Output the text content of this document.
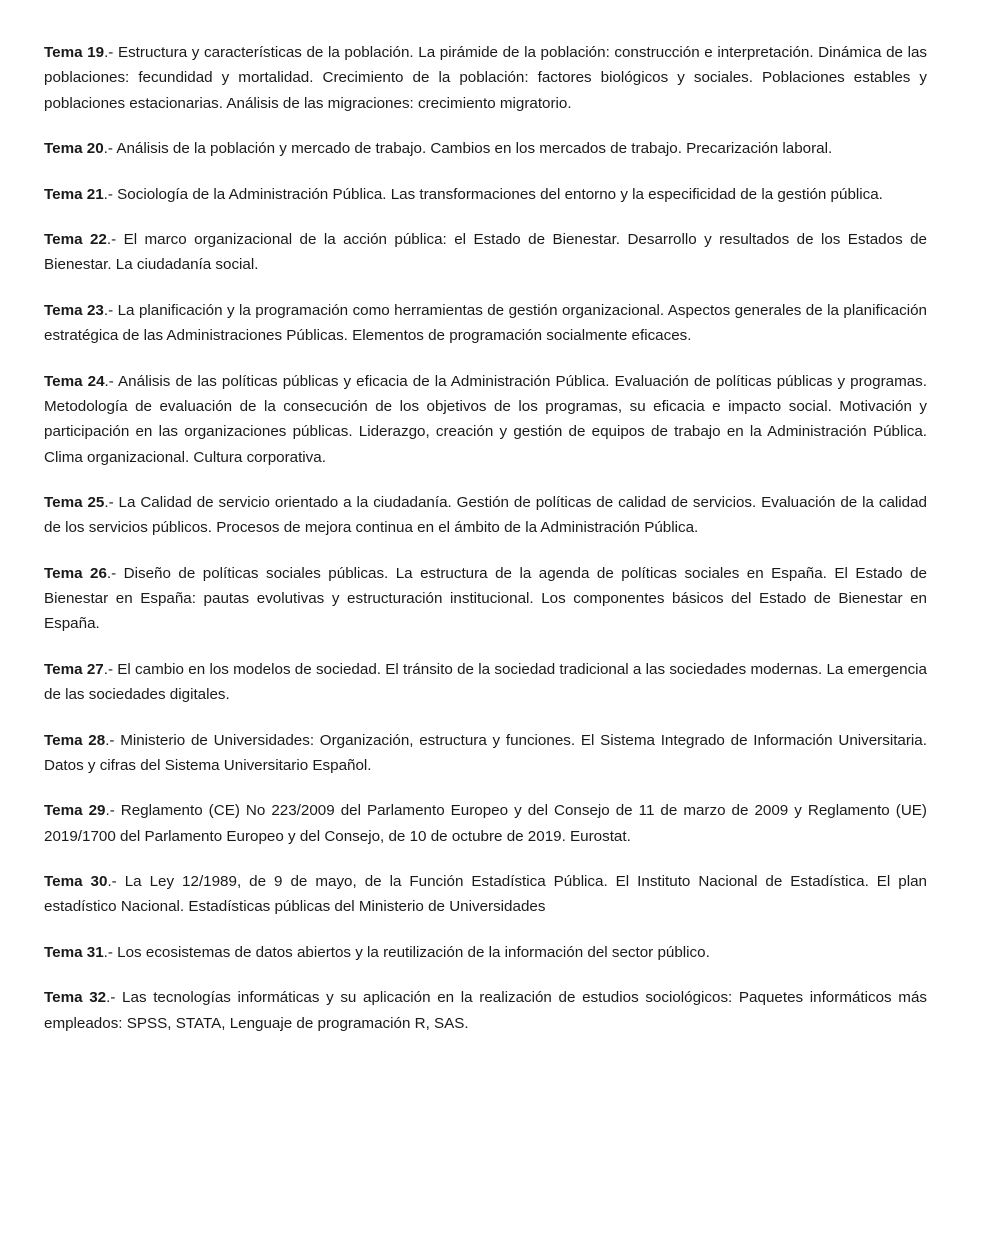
Tema 19.- Estructura y características de la población. La pirámide de la población: construcción e interpretación. Dinámica de las poblaciones: fecundidad y mortalidad. Crecimiento de la población: factores biológicos y sociales. Poblaciones estables y poblaciones estacionarias. Análisis de las migraciones: crecimiento migratorio.

Tema 20.- Análisis de la población y mercado de trabajo. Cambios en los mercados de trabajo. Precarización laboral.

Tema 21.- Sociología de la Administración Pública. Las transformaciones del entorno y la especificidad de la gestión pública.

Tema 22.- El marco organizacional de la acción pública: el Estado de Bienestar. Desarrollo y resultados de los Estados de Bienestar. La ciudadanía social.

Tema 23.- La planificación y la programación como herramientas de gestión organizacional. Aspectos generales de la planificación estratégica de las Administraciones Públicas. Elementos de programación socialmente eficaces.

Tema 24.- Análisis de las políticas públicas y eficacia de la Administración Pública. Evaluación de políticas públicas y programas. Metodología de evaluación de la consecución de los objetivos de los programas, su eficacia e impacto social. Motivación y participación en las organizaciones públicas. Liderazgo, creación y gestión de equipos de trabajo en la Administración Pública. Clima organizacional. Cultura corporativa.

Tema 25.- La Calidad de servicio orientado a la ciudadanía. Gestión de políticas de calidad de servicios. Evaluación de la calidad de los servicios públicos. Procesos de mejora continua en el ámbito de la Administración Pública.

Tema 26.- Diseño de políticas sociales públicas. La estructura de la agenda de políticas sociales en España. El Estado de Bienestar en España: pautas evolutivas y estructuración institucional. Los componentes básicos del Estado de Bienestar en España.

Tema 27.- El cambio en los modelos de sociedad. El tránsito de la sociedad tradicional a las sociedades modernas. La emergencia de las sociedades digitales.

Tema 28.- Ministerio de Universidades: Organización, estructura y funciones. El Sistema Integrado de Información Universitaria. Datos y cifras del Sistema Universitario Español.

Tema 29.- Reglamento (CE) No 223/2009 del Parlamento Europeo y del Consejo de 11 de marzo de 2009 y Reglamento (UE) 2019/1700 del Parlamento Europeo y del Consejo, de 10 de octubre de 2019. Eurostat.

Tema 30.- La Ley 12/1989, de 9 de mayo, de la Función Estadística Pública. El Instituto Nacional de Estadística. El plan estadístico Nacional. Estadísticas públicas del Ministerio de Universidades

Tema 31.- Los ecosistemas de datos abiertos y la reutilización de la información del sector público.

Tema 32.- Las tecnologías informáticas y su aplicación en la realización de estudios sociológicos: Paquetes informáticos más empleados: SPSS, STATA, Lenguaje de programación R, SAS.
